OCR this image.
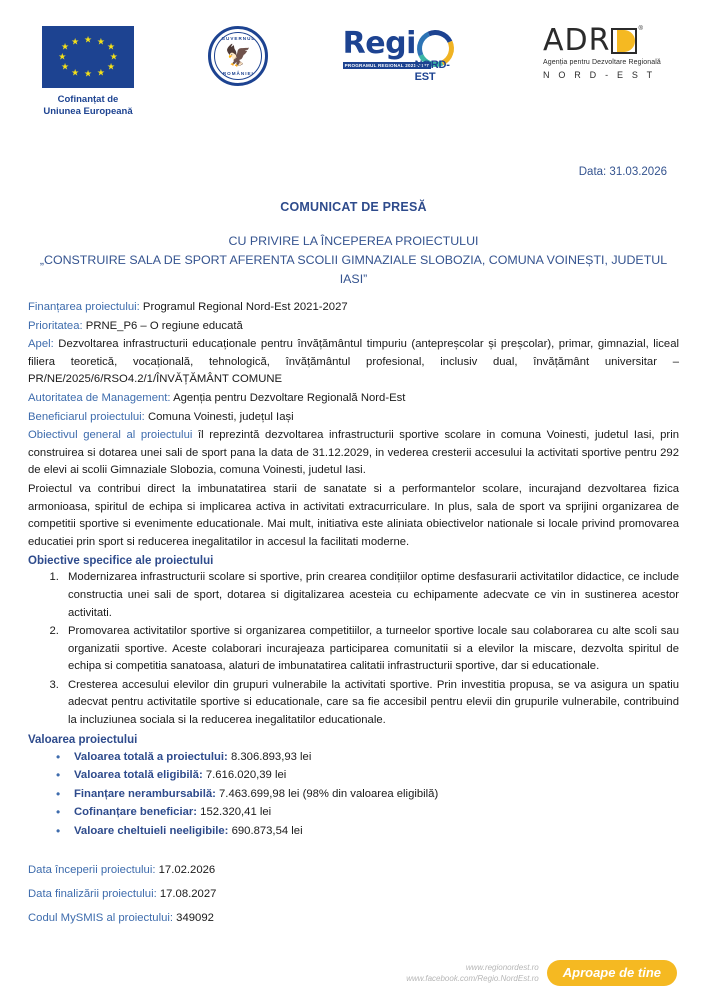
★ ★
★
★
★
★
★
★
★
★
★
★
Cofinanțat de
Uniunea Europeană
GUVERNUL
🦅
ROMÂNIEI
Regi
PROGRAMUL REGIONAL 2021-2027
NORD-EST
ADR	®
Agenția pentru Dezvoltare Regională
N O R D - E S T
Data: 31.03.2026
COMUNICAT DE PRESĂ
CU PRIVIRE LA ÎNCEPEREA PROIECTULUI
„CONSTRUIRE SALA DE SPORT AFERENTA SCOLII GIMNAZIALE SLOBOZIA, COMUNA VOINEȘTI, JUDETUL IASI”

Finanțarea proiectului: Programul Regional Nord-Est 2021-2027

Prioritatea: PRNE_P6 – O regiune educată

Apel: Dezvoltarea infrastructurii educaționale pentru învățământul timpuriu (antepreșcolar și preșcolar), primar, gimnazial, liceal filiera teoretică, vocațională, tehnologică, învățământul profesional, inclusiv dual, învățământ universitar – PR/NE/2025/6/RSO4.2/1/ÎNVĂȚĂMÂNT COMUNE

Autoritatea de Management: Agenția pentru Dezvoltare Regională Nord-Est

Beneficiarul proiectului: Comuna Voinesti, județul Iași

Obiectivul general al proiectului îl reprezintă dezvoltarea infrastructurii sportive scolare in comuna Voinesti, judetul Iasi, prin construirea si dotarea unei sali de sport pana la data de 31.12.2029, in vederea cresterii accesului la activitati sportive pentru 292 de elevi ai scolii Gimnaziale Slobozia, comuna Voinesti, judetul Iasi.

Proiectul va contribui direct la imbunatatirea starii de sanatate si a performantelor scolare, incurajand dezvoltarea fizica armonioasa, spiritul de echipa si implicarea activa in activitati extracurriculare. In plus, sala de sport va sprijini organizarea de competitii sportive si evenimente educationale. Mai mult, initiativa este aliniata obiectivelor nationale si locale privind promovarea educatiei prin sport si reducerea inegalitatilor in accesul la facilitati moderne.

Obiective specifice ale proiectului
1. Modernizarea infrastructurii scolare si sportive, prin crearea condițiilor optime desfasurarii activitatilor didactice, ce include constructia unei sali de sport, dotarea si digitalizarea acesteia cu echipamente adecvate ce vin in sustinerea acestor activitati.
2. Promovarea activitatilor sportive si organizarea competitiilor, a turneelor sportive locale sau colaborarea cu alte scoli sau organizatii sportive. Aceste colaborari incurajeaza participarea comunitatii si a elevilor la miscare, dezvolta spiritul de echipa si competitia sanatoasa, alaturi de imbunatatirea calitatii infrastructurii sportive, dar si educationale.
3. Cresterea accesului elevilor din grupuri vulnerabile la activitati sportive. Prin investitia propusa, se va asigura un spatiu adecvat pentru activitatile sportive si educationale, care sa fie accesibil pentru elevii din grupurile vulnerabile, contribuind la incluziunea sociala si la reducerea inegalitatilor educationale.
Valoarea proiectului
• Valoarea totală a proiectului: 8.306.893,93 lei
• Valoarea totală eligibilă: 7.616.020,39 lei
• Finanțare nerambursabilă: 7.463.699,98 lei (98% din valoarea eligibilă)
• Cofinanțare beneficiar: 152.320,41 lei
• Valoare cheltuieli neeligibile: 690.873,54 lei

Data începerii proiectului: 17.02.2026

Data finalizării proiectului: 17.08.2027

Codul MySMIS al proiectului: 349092

www.regionordest.ro
www.facebook.com/Regio.NordEst.ro	Aproape de tine
